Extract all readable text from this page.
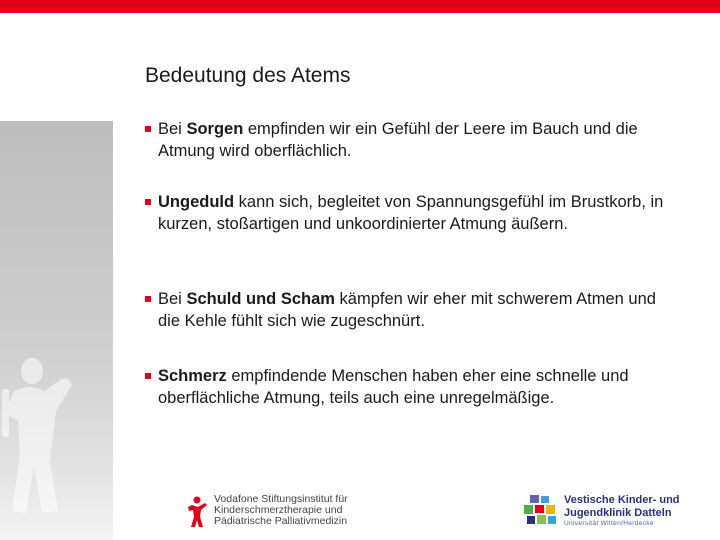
Bedeutung des Atems
Bei Sorgen empfinden wir ein Gefühl der Leere im Bauch und die Atmung wird oberflächlich.
Ungeduld kann sich, begleitet von Spannungsgefühl im Brustkorb, in kurzen, stoßartigen und unkoordinierter Atmung äußern.
Bei Schuld und Scham kämpfen wir eher mit schwerem Atmen und die Kehle fühlt sich wie zugeschnürt.
Schmerz empfindende Menschen haben eher eine schnelle und oberflächliche Atmung, teils auch eine unregelmäßige.
Vodafone Stiftungsinstitut für
Kinderschmerztherapie und
Pädiatrische Palliativmedizin
Vestische Kinder- und
Jugendklinik Datteln
Universität Witten/Herdecke
